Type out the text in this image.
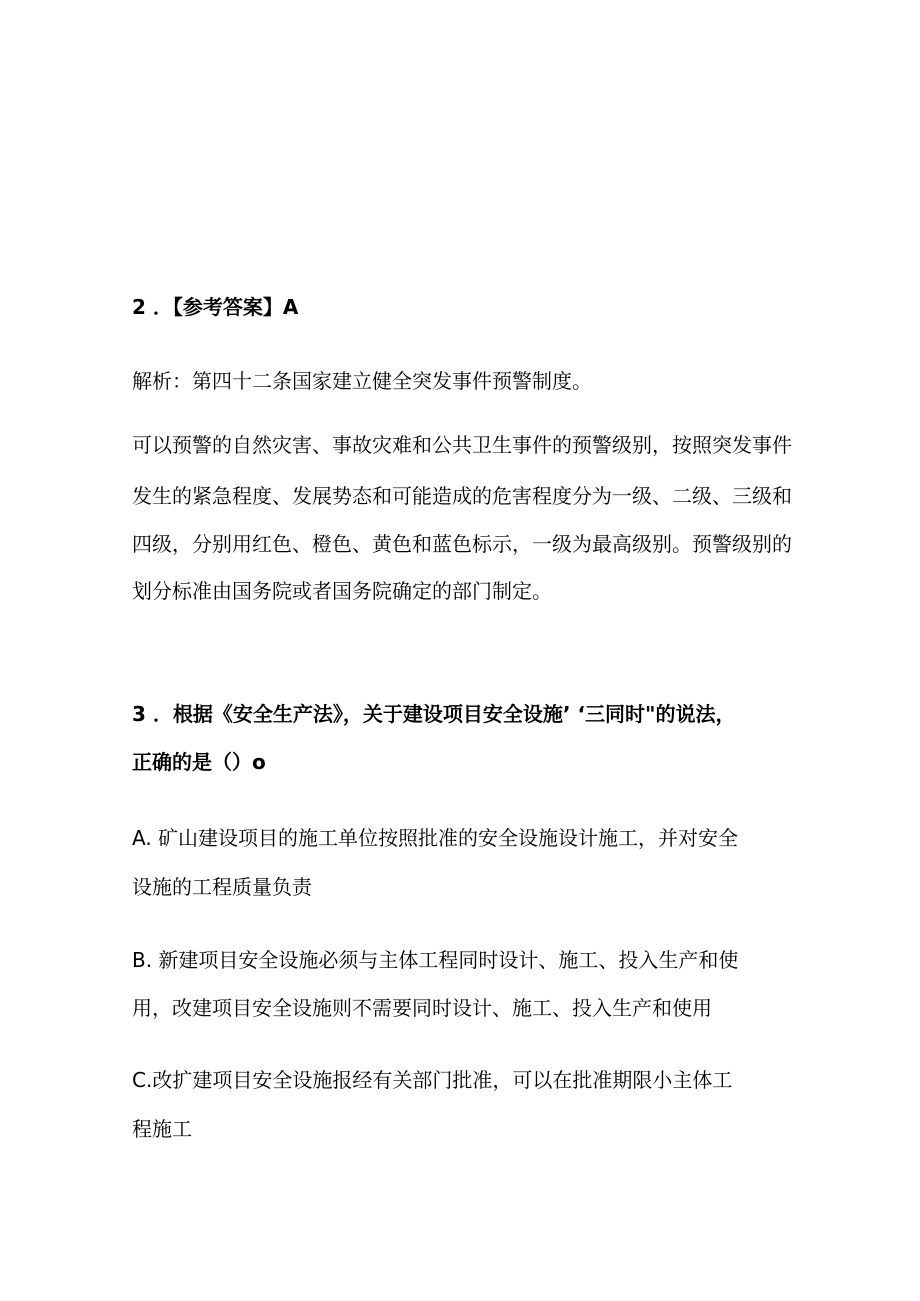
2 ．【参考答案】A
解析：第四十二条国家建立健全突发事件预警制度。
可以预警的自然灾害、事故灾难和公共卫生事件的预警级别，按照突发事件
发生的紧急程度、发展势态和可能造成的危害程度分为一级、二级、三级和
四级，分别用红色、橙色、黄色和蓝色标示，一级为最高级别。预警级别的
划分标准由国务院或者国务院确定的部门制定。
3 ．根据《安全生产法》，关于建设项目安全设施’ ‘三同时"的说法，
正确的是（）o
A. 矿山建设项目的施工单位按照批准的安全设施设计施工，并对安全
设施的工程质量负责
B. 新建项目安全设施必须与主体工程同时设计、施工、投入生产和使
用，改建项目安全设施则不需要同时设计、施工、投入生产和使用
C.改扩建项目安全设施报经有关部门批准，可以在批准期限小主体工
程施工
